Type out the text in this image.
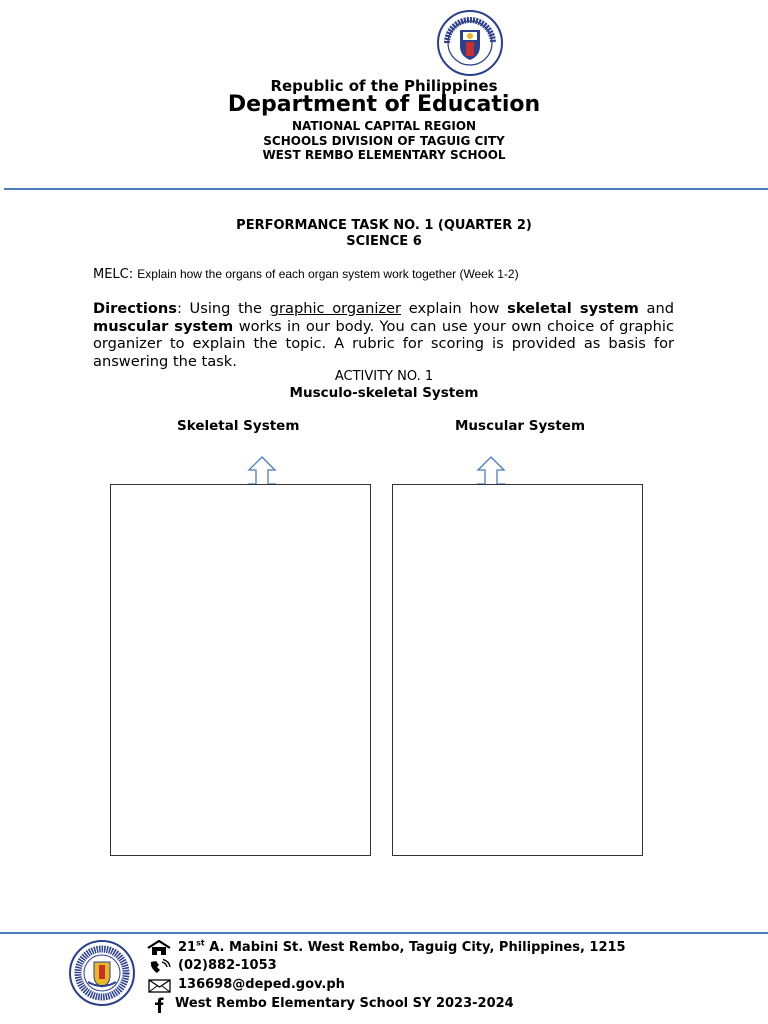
Republic of the Philippines
Department of Education
NATIONAL CAPITAL REGION
SCHOOLS DIVISION OF TAGUIG CITY
WEST REMBO ELEMENTARY SCHOOL
PERFORMANCE TASK NO. 1 (QUARTER 2)
SCIENCE 6
MELC: Explain how the organs of each organ system work together (Week 1-2)
Directions: Using the graphic organizer explain how skeletal system and muscular system works in our body. You can use your own choice of graphic organizer to explain the topic. A rubric for scoring is provided as basis for answering the task.
ACTIVITY NO. 1
Musculo-skeletal System
Skeletal System	Muscular System
21st A. Mabini St. West Rembo, Taguig City, Philippines, 1215
(02)882-1053
136698@deped.gov.ph
West Rembo Elementary School SY 2023-2024
